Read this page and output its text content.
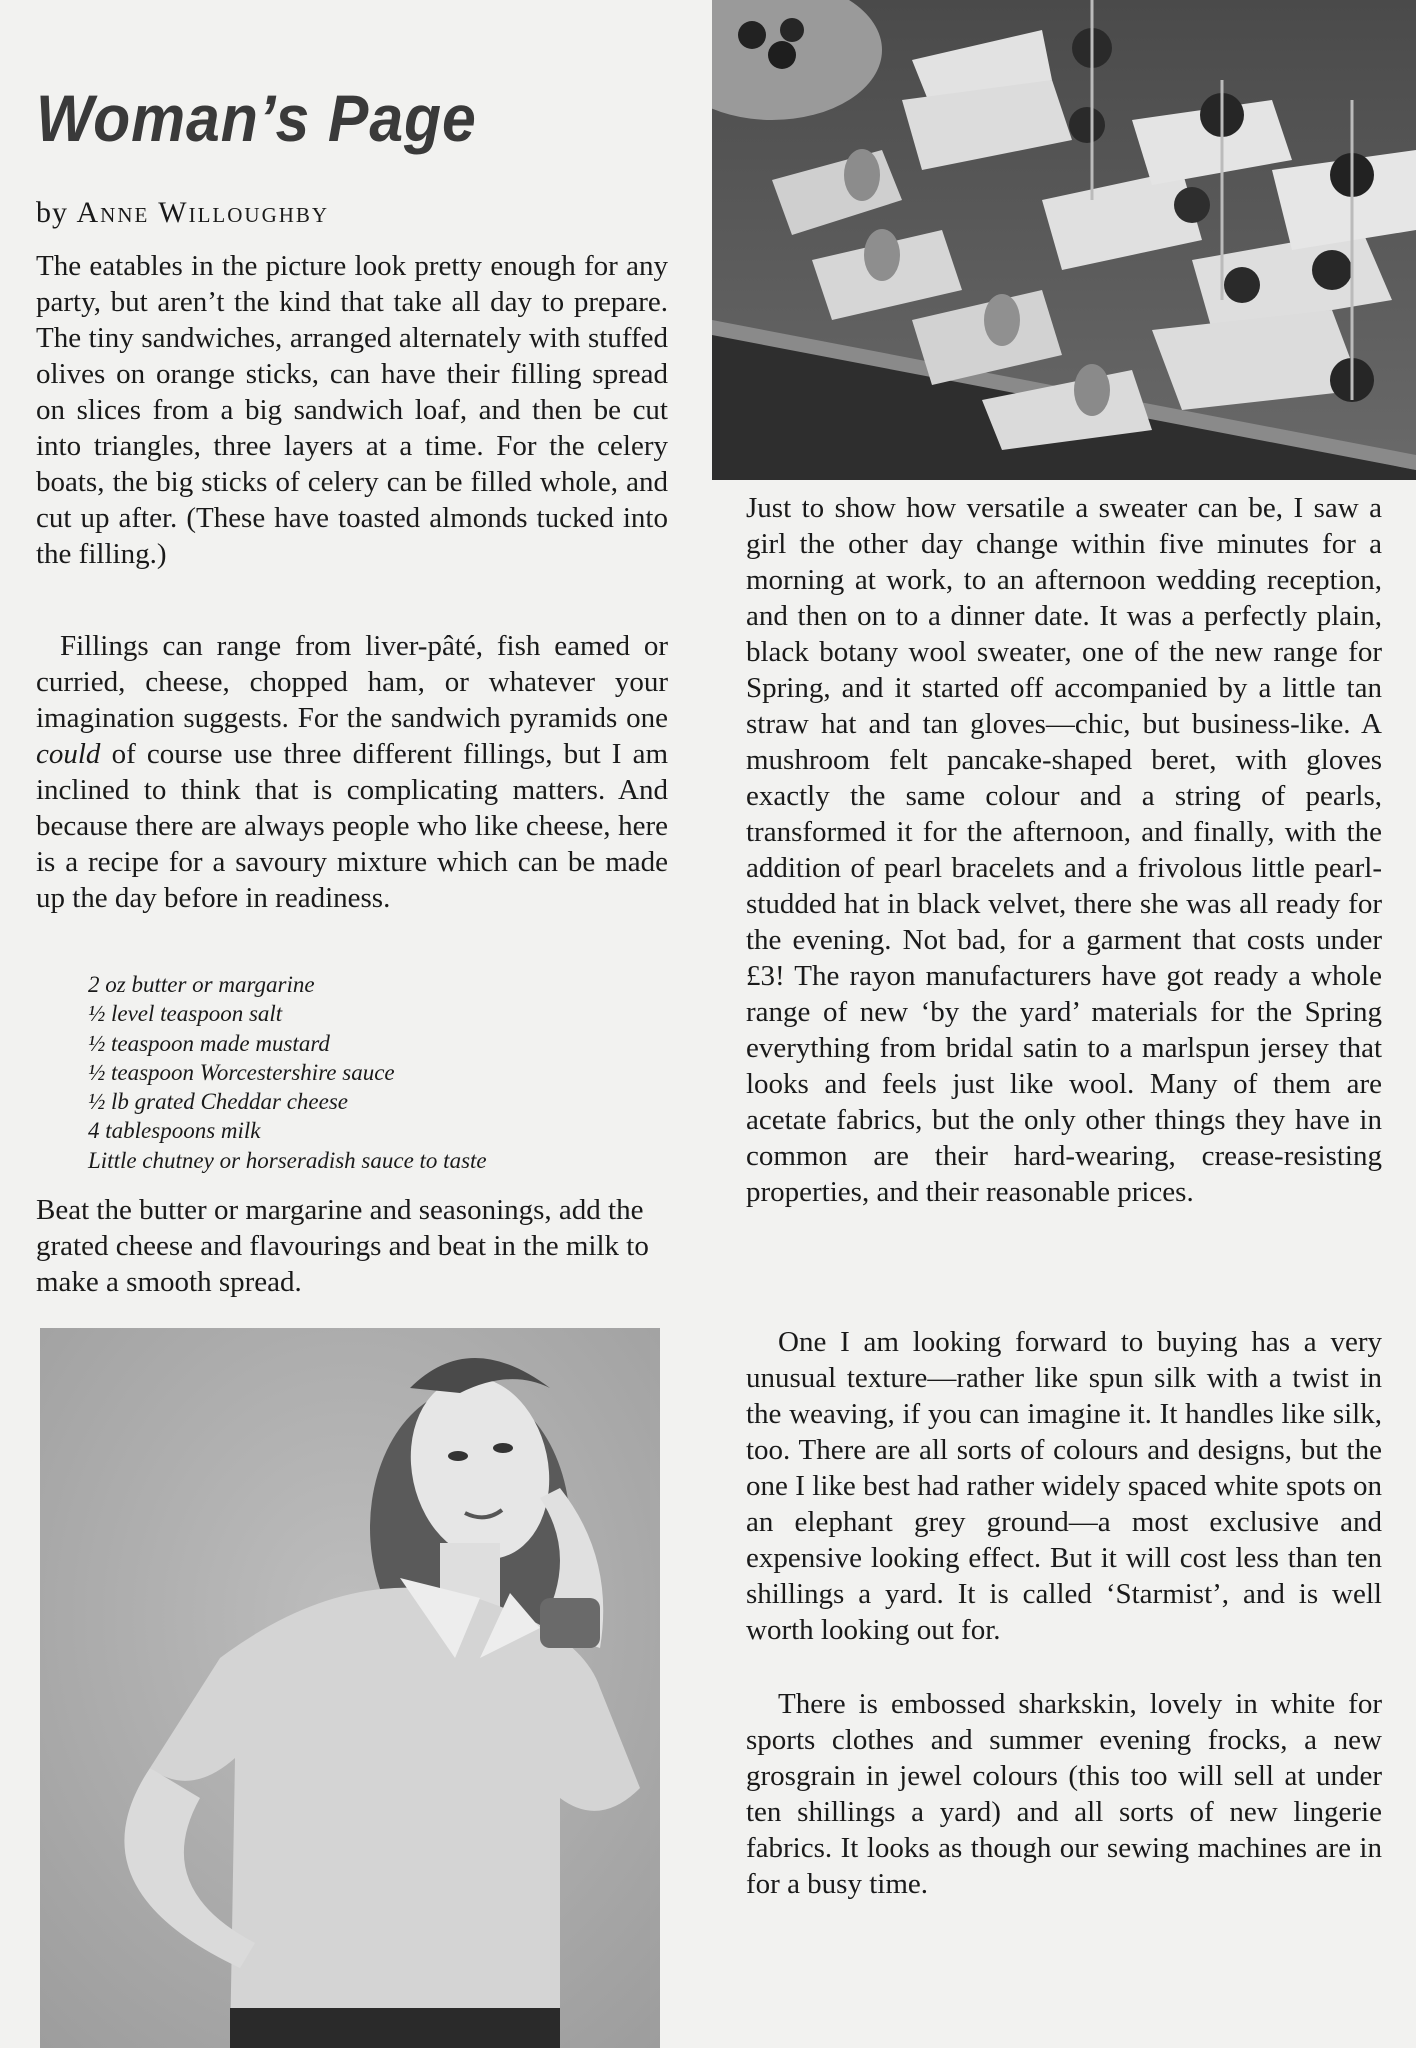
Woman’s Page
by Anne Willoughby
The eatables in the picture look pretty enough for any party, but aren’t the kind that take all day to prepare. The tiny sandwiches, arranged alternately with stuffed olives on orange sticks, can have their filling spread on slices from a big sandwich loaf, and then be cut into triangles, three layers at a time. For the celery boats, the big sticks of celery can be filled whole, and cut up after. (These have toasted almonds tucked into the filling.)
Fillings can range from liver-pâté, fish eamed or curried, cheese, chopped ham, or whatever your imagination suggests. For the sandwich pyramids one could of course use three different fillings, but I am inclined to think that is complicating matters. And because there are always people who like cheese, here is a recipe for a savoury mixture which can be made up the day before in readiness.
2 oz butter or margarine
½ level teaspoon salt
½ teaspoon made mustard
½ teaspoon Worcestershire sauce
½ lb grated Cheddar cheese
4 tablespoons milk
Little chutney or horseradish sauce to taste
Beat the butter or margarine and seasonings, add the grated cheese and flavourings and beat in the milk to make a smooth spread.
Just to show how versatile a sweater can be, I saw a girl the other day change within five minutes for a morning at work, to an afternoon wedding reception, and then on to a dinner date. It was a perfectly plain, black botany wool sweater, one of the new range for Spring, and it started off accompanied by a little tan straw hat and tan gloves—chic, but business-like. A mushroom felt pancake-shaped beret, with gloves exactly the same colour and a string of pearls, transformed it for the afternoon, and finally, with the addition of pearl bracelets and a frivolous little pearl-studded hat in black velvet, there she was all ready for the evening. Not bad, for a garment that costs under £3! The rayon manufacturers have got ready a whole range of new ‘by the yard’ materials for the Spring everything from bridal satin to a marlspun jersey that looks and feels just like wool. Many of them are acetate fabrics, but the only other things they have in common are their hard-wearing, crease-resisting properties, and their reasonable prices.
One I am looking forward to buying has a very unusual texture—rather like spun silk with a twist in the weaving, if you can imagine it. It handles like silk, too. There are all sorts of colours and designs, but the one I like best had rather widely spaced white spots on an elephant grey ground—a most exclusive and expensive looking effect. But it will cost less than ten shillings a yard. It is called ‘Starmist’, and is well worth looking out for.
There is embossed sharkskin, lovely in white for sports clothes and summer evening frocks, a new grosgrain in jewel colours (this too will sell at under ten shillings a yard) and all sorts of new lingerie fabrics. It looks as though our sewing machines are in for a busy time.
